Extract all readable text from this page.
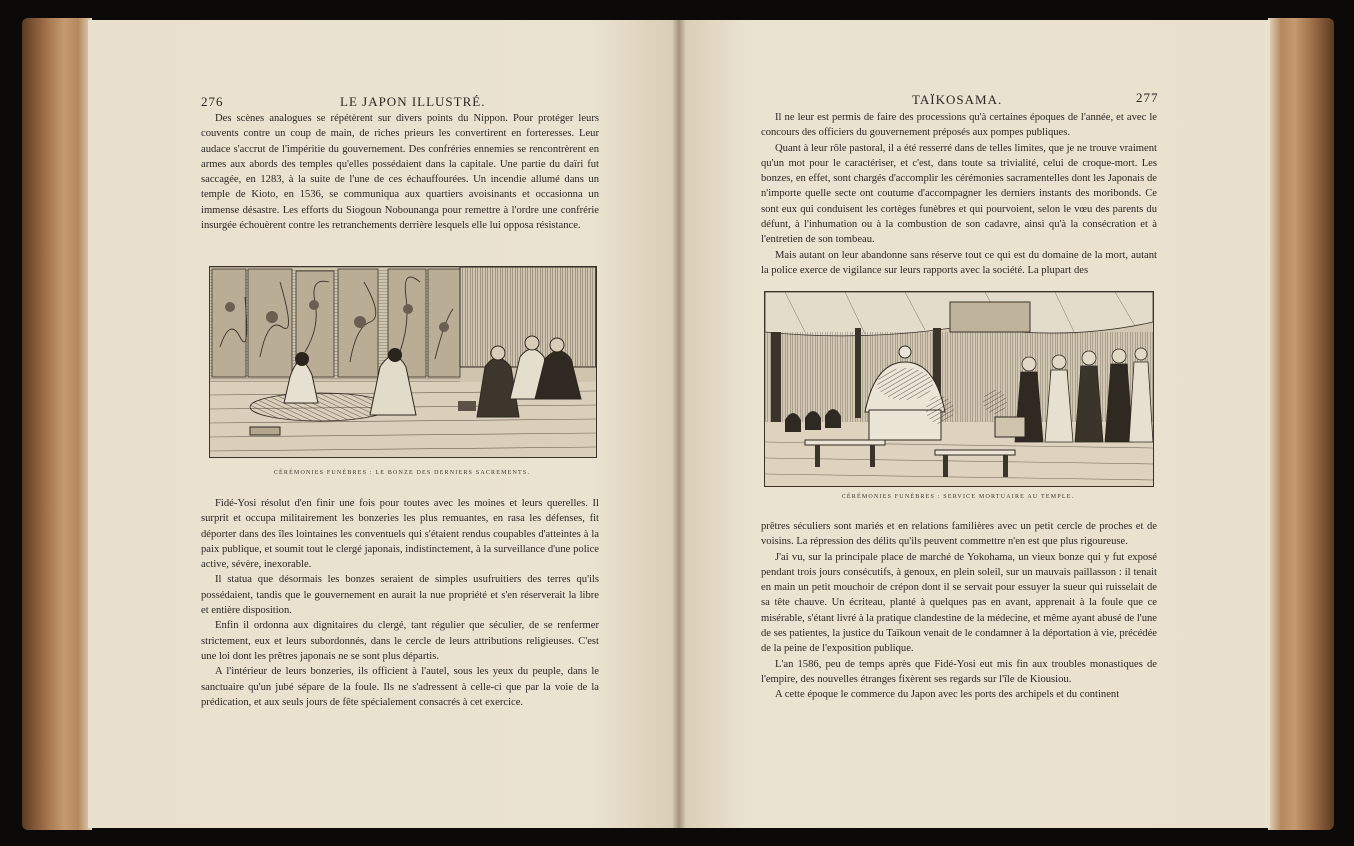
276	LE JAPON ILLUSTRÉ.

Des scènes analogues se répétèrent sur divers points du Nippon. Pour protéger leurs couvents contre un coup de main, de riches prieurs les convertirent en forteresses. Leur audace s'accrut de l'impéritie du gouvernement. Des confréries ennemies se rencontrèrent en armes aux abords des temples qu'elles possédaient dans la capitale. Une partie du daïri fut saccagée, en 1283, à la suite de l'une de ces échauffourées. Un incendie allumé dans un temple de Kioto, en 1536, se communiqua aux quartiers avoisinants et occasionna un immense désastre. Les efforts du Siogoun Nobounanga pour remettre à l'ordre une confrérie insurgée échouèrent contre les retranchements derrière lesquels elle lui opposa résistance.

CÉRÉMONIES FUNÈBRES : LE BONZE DES DERNIERS SACREMENTS.

Fidé-Yosi résolut d'en finir une fois pour toutes avec les moines et leurs querelles. Il surprit et occupa militairement les bonzeries les plus remuantes, en rasa les défenses, fit déporter dans des îles lointaines les conventuels qui s'étaient rendus coupables d'atteintes à la paix publique, et soumit tout le clergé japonais, indistinctement, à la surveillance d'une police active, sévère, inexorable.

Il statua que désormais les bonzes seraient de simples usufruitiers des terres qu'ils possédaient, tandis que le gouvernement en aurait la nue propriété et s'en réserverait la libre et entière disposition.

Enfin il ordonna aux dignitaires du clergé, tant régulier que séculier, de se renfermer strictement, eux et leurs subordonnés, dans le cercle de leurs attributions religieuses. C'est une loi dont les prêtres japonais ne se sont plus départis.

A l'intérieur de leurs bonzeries, ils officient à l'autel, sous les yeux du peuple, dans le sanctuaire qu'un jubé sépare de la foule. Ils ne s'adressent à celle-ci que par la voie de la prédication, et aux seuls jours de fête spécialement consacrés à cet exercice.

TAÏKOSAMA.	277

Il ne leur est permis de faire des processions qu'à certaines époques de l'année, et avec le concours des officiers du gouvernement préposés aux pompes publiques.

Quant à leur rôle pastoral, il a été resserré dans de telles limites, que je ne trouve vraiment qu'un mot pour le caractériser, et c'est, dans toute sa trivialité, celui de croque-mort. Les bonzes, en effet, sont chargés d'accomplir les cérémonies sacramentelles dont les Japonais de n'importe quelle secte ont coutume d'accompagner les derniers instants des moribonds. Ce sont eux qui conduisent les cortèges funèbres et qui pourvoient, selon le vœu des parents du défunt, à l'inhumation ou à la combustion de son cadavre, ainsi qu'à la consécration et à l'entretien de son tombeau.

Mais autant on leur abandonne sans réserve tout ce qui est du domaine de la mort, autant la police exerce de vigilance sur leurs rapports avec la société. La plupart des

CÉRÉMONIES FUNÈBRES : SERVICE MORTUAIRE AU TEMPLE.

prêtres séculiers sont mariés et en relations familières avec un petit cercle de proches et de voisins. La répression des délits qu'ils peuvent commettre n'en est que plus rigoureuse.

J'ai vu, sur la principale place de marché de Yokohama, un vieux bonze qui y fut exposé pendant trois jours consécutifs, à genoux, en plein soleil, sur un mauvais paillasson : il tenait en main un petit mouchoir de crépon dont il se servait pour essuyer la sueur qui ruisselait de sa tête chauve. Un écriteau, planté à quelques pas en avant, apprenait à la foule que ce misérable, s'étant livré à la pratique clandestine de la médecine, et même ayant abusé de l'une de ses patientes, la justice du Taïkoun venait de le condamner à la déportation à vie, précédée de la peine de l'exposition publique.

L'an 1586, peu de temps après que Fidé-Yosi eut mis fin aux troubles monastiques de l'empire, des nouvelles étranges fixèrent ses regards sur l'île de Kiousiou.

A cette époque le commerce du Japon avec les ports des archipels et du continent
